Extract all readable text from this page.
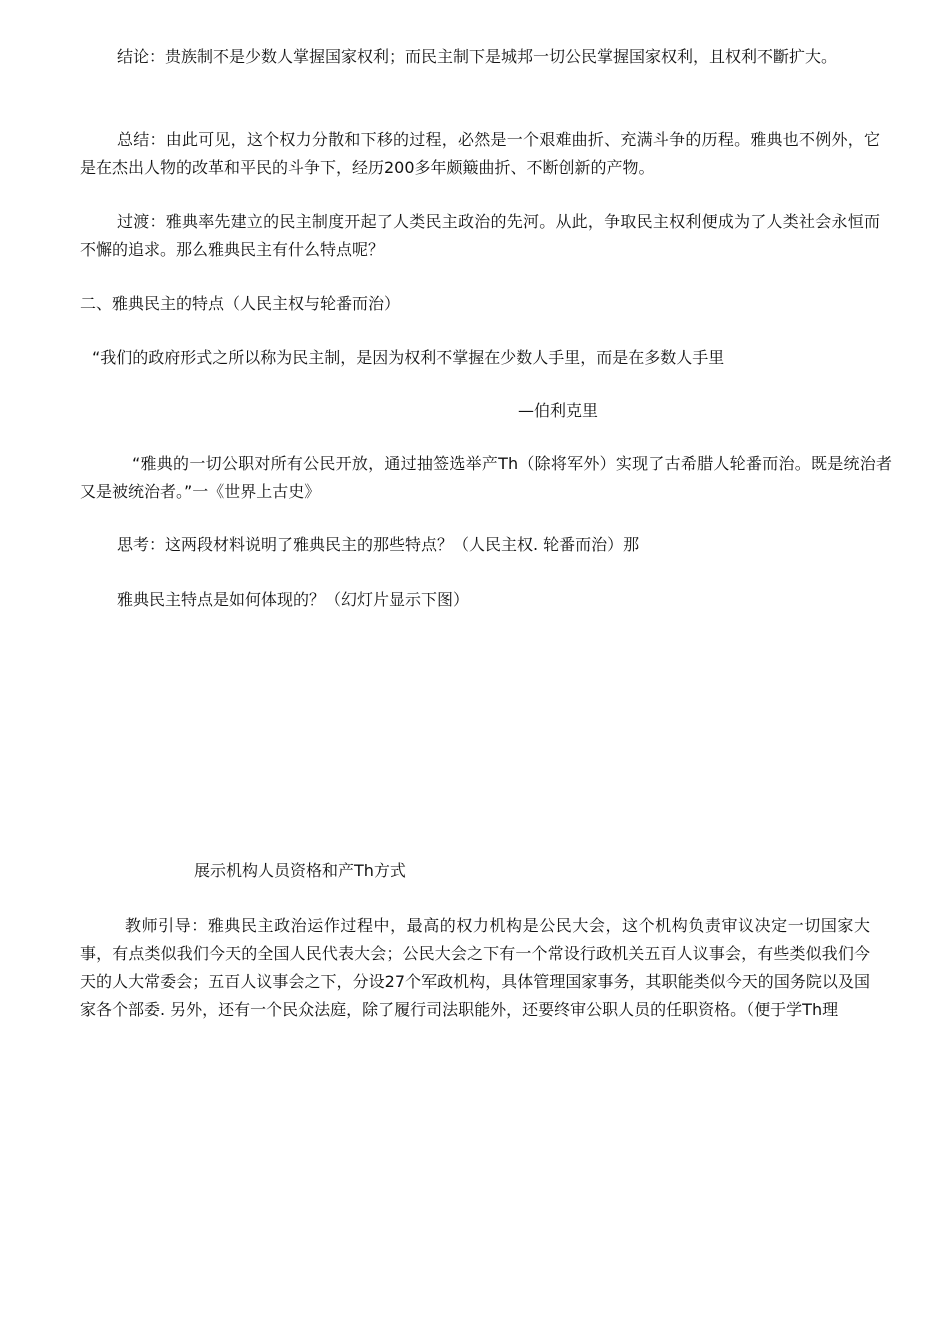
结论：贵族制不是少数人掌握国家权利；而民主制下是城邦一切公民掌握国家权利，且权利不斷扩大。
总结：由此可见，这个权力分散和下移的过程，必然是一个艰难曲折、充满斗争的历程。雅典也不例外，它是在杰出人物的改革和平民的斗争下，经历200多年颇簸曲折、不断创新的产物。
过渡：雅典率先建立的民主制度开起了人类民主政治的先河。从此，争取民主权利便成为了人类社会永恒而不懈的追求。那么雅典民主有什么特点呢？
二、雅典民主的特点（人民主权与轮番而治）
“我们的政府形式之所以称为民主制，是因为权利不掌握在少数人手里，而是在多数人手里
—伯利克里
“雅典的一切公职对所有公民开放，通过抽签选举产Th（除将军外）实现了古希腊人轮番而治。既是统治者又是被统治者。”一《世界上古史》
思考：这两段材料说明了雅典民主的那些特点？（人民主权. 轮番而治）那
雅典民主特点是如何体现的？（幻灯片显示下图）
展示机构人员资格和产Th方式
教师引导：雅典民主政治运作过程中，最高的权力机构是公民大会，这个机构负责审议决定一切国家大事，有点类似我们今天的全国人民代表大会；公民大会之下有一个常设行政机关五百人议事会，有些类似我们今天的人大常委会；五百人议事会之下，分设27个军政机构，具体管理国家事务，其职能类似今天的国务院以及国家各个部委. 另外，还有一个民众法庭，除了履行司法职能外，还要终审公职人员的任职资格。（便于学Th理
